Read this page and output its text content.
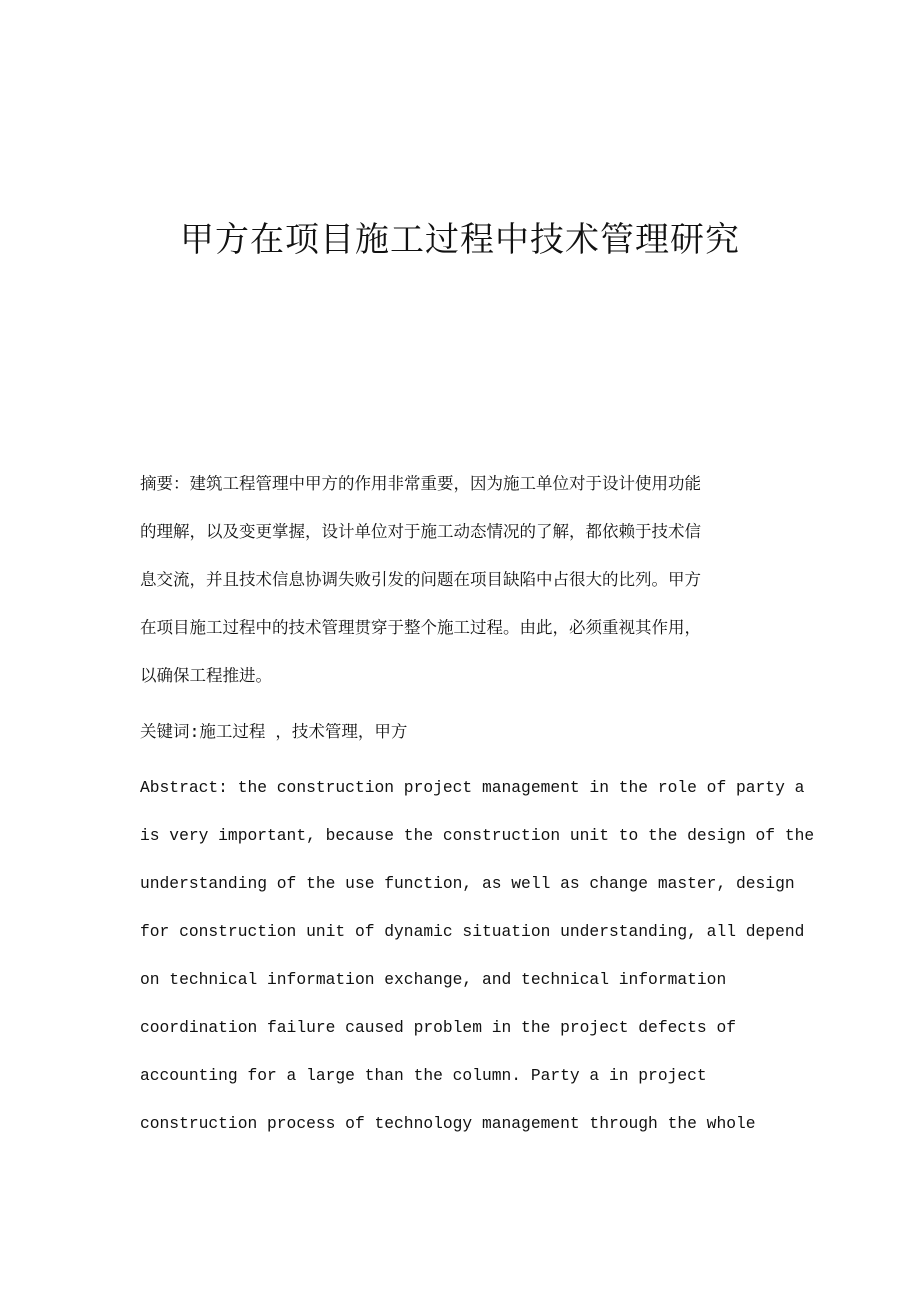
甲方在项目施工过程中技术管理研究

摘要：建筑工程管理中甲方的作用非常重要，因为施工单位对于设计使用功能

的理解，以及变更掌握，设计单位对于施工动态情况的了解，都依赖于技术信

息交流，并且技术信息协调失败引发的问题在项目缺陷中占很大的比列。甲方

在项目施工过程中的技术管理贯穿于整个施工过程。由此，必须重视其作用，

以确保工程推进。

关键词:施工过程 ，技术管理，甲方

Abstract: the construction project management in the role of party a

is very important, because the construction unit to the design of the

understanding of the use function, as well as change master, design

for construction unit of dynamic situation understanding, all depend

on technical information exchange, and technical information

coordination failure caused problem in the project defects of

accounting for a large than the column. Party a in project

construction process of technology management through the whole
